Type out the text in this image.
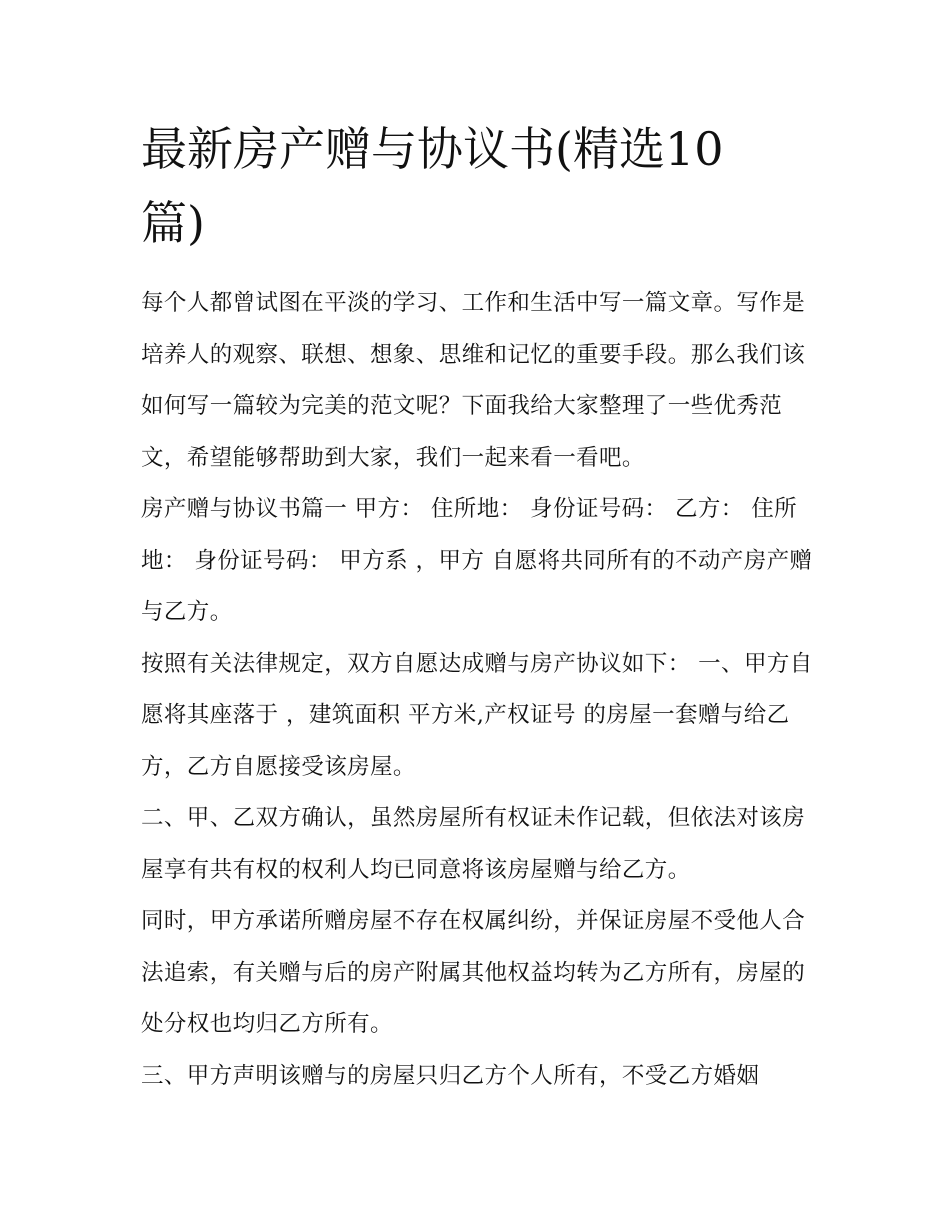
最新房产赠与协议书(精选10篇)

每个人都曾试图在平淡的学习、工作和生活中写一篇文章。写作是培养人的观察、联想、想象、思维和记忆的重要手段。那么我们该如何写一篇较为完美的范文呢？下面我给大家整理了一些优秀范文，希望能够帮助到大家，我们一起来看一看吧。

房产赠与协议书篇一 甲方： 住所地： 身份证号码： 乙方： 住所地： 身份证号码： 甲方系 ，甲方 自愿将共同所有的不动产房产赠与乙方。

按照有关法律规定，双方自愿达成赠与房产协议如下： 一、甲方自愿将其座落于 ，建筑面积 平方米,产权证号 的房屋一套赠与给乙方，乙方自愿接受该房屋。

二、甲、乙双方确认，虽然房屋所有权证未作记载，但依法对该房屋享有共有权的权利人均已同意将该房屋赠与给乙方。

同时，甲方承诺所赠房屋不存在权属纠纷，并保证房屋不受他人合法追索，有关赠与后的房产附属其他权益均转为乙方所有，房屋的处分权也均归乙方所有。

三、甲方声明该赠与的房屋只归乙方个人所有，不受乙方婚姻
